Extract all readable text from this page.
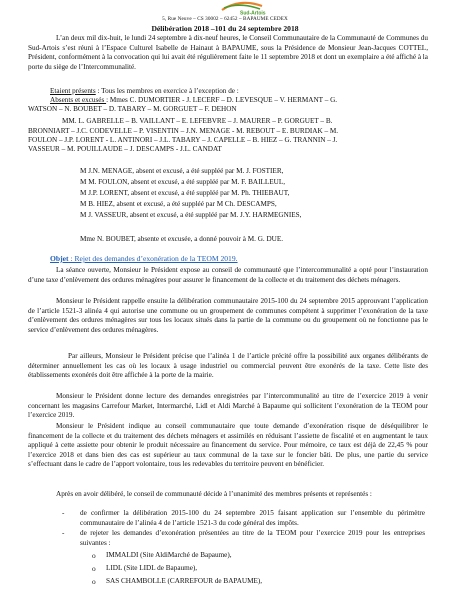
Sud-Artois
5, Rue Neuve – CS 30002 – 62452 – BAPAUME CEDEX
Délibération 2018 –101 du 24 septembre 2018

L’an deux mil dix-huit, le lundi 24 septembre à dix-neuf heures, le Conseil Communautaire de la Communauté de Communes du Sud-Artois s’est réuni à l’Espace Culturel Isabelle de Hainaut à BAPAUME, sous la Présidence de Monsieur Jean-Jacques COTTEL, Président, conformément à la convocation qui lui avait été régulièrement faite le 11 septembre 2018 et dont un exemplaire a été affiché à la porte du siège de l’Intercommunalité.

Etaient présents : Tous les membres en exercice à l’exception de :
Absents et excusés : Mmes C. DUMORTIER - J. LECERF – D. LEVESQUE – V. HERMANT – G.
WATSON – N. BOUBET – D. TABARY – M. GORGUET – F. DEHON
MM. L. GABRELLE – B. VAILLANT – E. LEFEBVRE – J. MAURER – P. GORGUET – B.
BRONNIART – J.C. CODEVELLE – P. VISENTIN – J.N. MENAGE - M. REBOUT – E. BURDIAK – M.
FOULON – J.P. LORENT - L. ANTINORI – J.L. TABARY – J. CAPELLE – B. HIEZ – G. TRANNIN – J.
VASSEUR – M. POUILLAUDE – J. DESCAMPS - J.L. CANDAT
M J.N. MENAGE, absent et excusé, a été suppléé par M. J. FOSTIER,
M M. FOULON, absent et excusé, a été suppléé par M. F. BAILLEUL,
M J.P. LORENT, absent et excusé, a été suppléé par M. Ph. THIEBAUT,
M B. HIEZ, absent et excusé, a été suppléé par M Ch. DESCAMPS,
M J. VASSEUR, absent et excusé, a été suppléé par M. J.Y. HARMEGNIES,
Mme N. BOUBET, absente et excusée, a donné pouvoir à M. G. DUE.
Objet : Rejet des demandes d’exonération de la TEOM 2019.

La séance ouverte, Monsieur le Président expose au conseil de communauté que l’intercommunalité a opté pour l’instauration d’une taxe d’enlèvement des ordures ménagères pour assurer le financement de la collecte et du traitement des déchets ménagers.

Monsieur le Président rappelle ensuite la délibération communautaire 2015-100 du 24 septembre 2015 approuvant l’application de l’article 1521-3 alinéa 4 qui autorise une commune ou un groupement de communes compétent à supprimer l’exonération de la taxe d’enlèvement des ordures ménagères sur tous les locaux situés dans la partie de la commune ou du groupement où ne fonctionne pas le service d’enlèvement des ordures ménagères.

Par ailleurs, Monsieur le Président précise que l’alinéa 1 de l’article précité offre la possibilité aux organes délibérants de déterminer annuellement les cas où les locaux à usage industriel ou commercial peuvent être exonérés de la taxe. Cette liste des établissements exonérés doit être affichée à la porte de la mairie.

Monsieur le Président donne lecture des demandes enregistrées par l’intercommunalité au titre de l’exercice 2019 à venir concernant les magasins Carrefour Market, Intermarché, Lidl et Aldi Marché à Bapaume qui sollicitent l’exonération de la TEOM pour l’exercice 2019.

Monsieur le Président indique au conseil communautaire que toute demande d’exonération risque de déséquilibrer le financement de la collecte et du traitement des déchets ménagers et assimilés en réduisant l’assiette de fiscalité et en augmentant le taux appliqué à cette assiette pour obtenir le produit nécessaire au financement du service. Pour mémoire, ce taux est déjà de 22,45 % pour l’exercice 2018 et dans bien des cas est supérieur au taux communal de la taxe sur le foncier bâti. De plus, une partie du service s’effectuant dans le cadre de l’apport volontaire, tous les redevables du territoire peuvent en bénéficier.

Après en avoir délibéré, le conseil de communauté décide à l’unanimité des membres présents et représentés :

- de confirmer la délibération 2015-100 du 24 septembre 2015 faisant application sur l’ensemble du périmètre communautaire de l’alinéa 4 de l’article 1521-3 du code général des impôts.

- de rejeter les demandes d’exonération présentées au titre de la TEOM pour l’exercice 2019 pour les entreprises suivantes :

o IMMALDI (Site AldiMarché de Bapaume),
o LIDL (Site LIDL de Bapaume),
o SAS CHAMBOLLE (CARREFOUR de BAPAUME),
